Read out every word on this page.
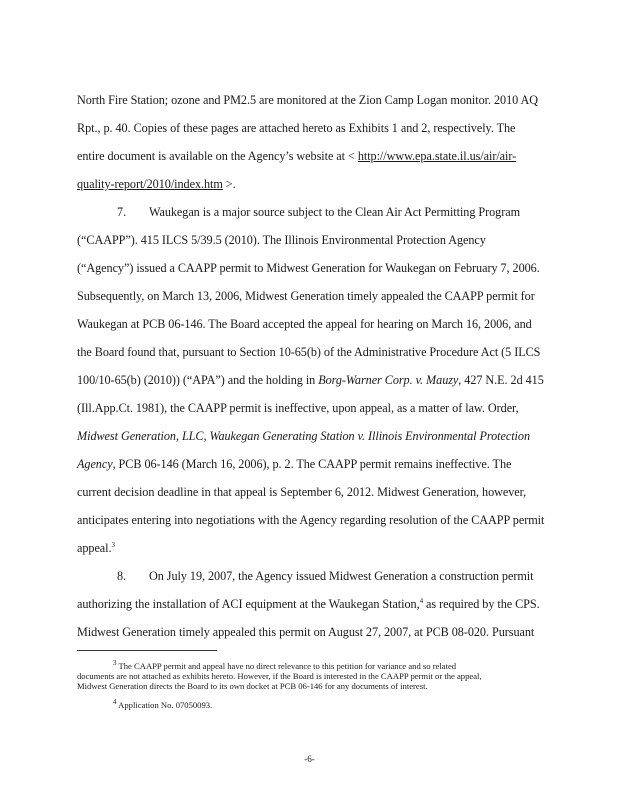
North Fire Station; ozone and PM2.5 are monitored at the Zion Camp Logan monitor. 2010 AQ
Rpt., p. 40. Copies of these pages are attached hereto as Exhibits 1 and 2, respectively. The
entire document is available on the Agency’s website at < http://www.epa.state.il.us/air/air-
quality-report/2010/index.htm >.
7. Waukegan is a major source subject to the Clean Air Act Permitting Program
(“CAAPP”). 415 ILCS 5/39.5 (2010). The Illinois Environmental Protection Agency
(“Agency”) issued a CAAPP permit to Midwest Generation for Waukegan on February 7, 2006.
Subsequently, on March 13, 2006, Midwest Generation timely appealed the CAAPP permit for
Waukegan at PCB 06-146. The Board accepted the appeal for hearing on March 16, 2006, and
the Board found that, pursuant to Section 10-65(b) of the Administrative Procedure Act (5 ILCS
100/10-65(b) (2010)) (“APA”) and the holding in Borg-Warner Corp. v. Mauzy, 427 N.E. 2d 415
(Ill.App.Ct. 1981), the CAAPP permit is ineffective, upon appeal, as a matter of law. Order,
Midwest Generation, LLC, Waukegan Generating Station v. Illinois Environmental Protection
Agency, PCB 06-146 (March 16, 2006), p. 2. The CAAPP permit remains ineffective. The
current decision deadline in that appeal is September 6, 2012. Midwest Generation, however,
anticipates entering into negotiations with the Agency regarding resolution of the CAAPP permit
appeal.$^3$
8. On July 19, 2007, the Agency issued Midwest Generation a construction permit
authorizing the installation of ACI equipment at the Waukegan Station,$^4$ as required by the CPS.
Midwest Generation timely appealed this permit on August 27, 2007, at PCB 08-020. Pursuant
$^3$ The CAAPP permit and appeal have no direct relevance to this petition for variance and so related
documents are not attached as exhibits hereto. However, if the Board is interested in the CAAPP permit or the appeal,
Midwest Generation directs the Board to its own docket at PCB 06-146 for any documents of interest.
$^4$ Application No. 07050093.
-6-
